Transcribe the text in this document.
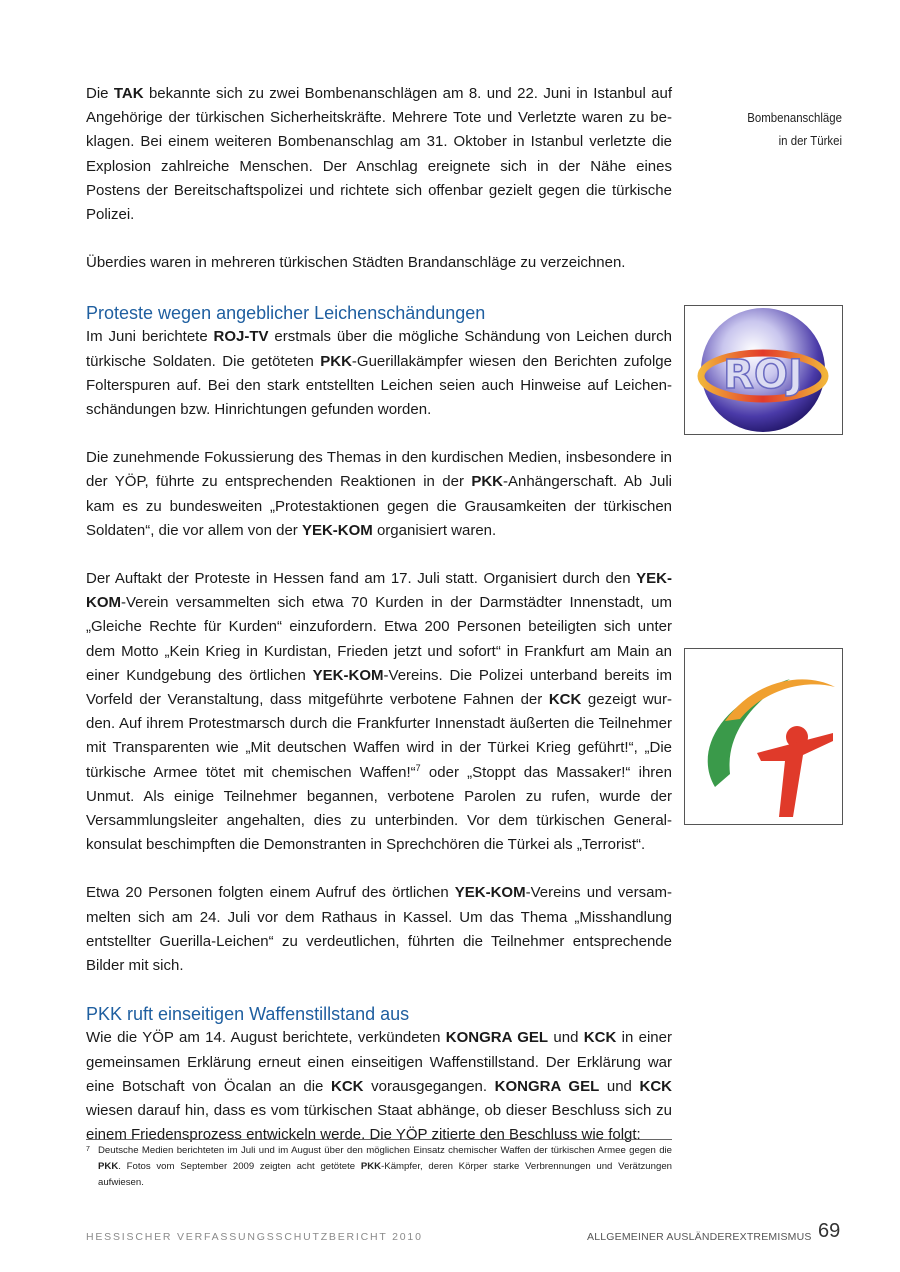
Die TAK bekannte sich zu zwei Bombenanschlägen am 8. und 22. Juni in Istanbul auf Angehörige der türkischen Sicherheitskräfte. Mehrere Tote und Verletzte waren zu beklagen. Bei einem weiteren Bombenanschlag am 31. Oktober in Istanbul verletzte die Explosion zahlreiche Menschen. Der Anschlag ereignete sich in der Nähe eines Postens der Bereitschaftspolizei und richtete sich offenbar gezielt gegen die türkische Polizei.

Überdies waren in mehreren türkischen Städten Brandanschläge zu verzeichnen.

Proteste wegen angeblicher Leichenschändungen

Im Juni berichtete ROJ-TV erstmals über die mögliche Schändung von Leichen durch türkische Soldaten. Die getöteten PKK-Guerillakämpfer wiesen den Berichten zufolge Folterspuren auf. Bei den stark entstellten Leichen seien auch Hinweise auf Leichenschändungen bzw. Hinrichtungen gefunden worden.

Die zunehmende Fokussierung des Themas in den kurdischen Medien, insbesondere in der YÖP, führte zu entsprechenden Reaktionen in der PKK-Anhängerschaft. Ab Juli kam es zu bundesweiten „Protestaktionen gegen die Grausamkeiten der türkischen Soldaten“, die vor allem von der YEK-KOM organisiert waren.

Der Auftakt der Proteste in Hessen fand am 17. Juli statt. Organisiert durch den YEK-KOM-Verein versammelten sich etwa 70 Kurden in der Darmstädter Innenstadt, um „Gleiche Rechte für Kurden“ einzufordern. Etwa 200 Personen beteiligten sich unter dem Motto „Kein Krieg in Kurdistan, Frieden jetzt und sofort“ in Frankfurt am Main an einer Kundgebung des örtlichen YEK-KOM-Vereins. Die Polizei unterband bereits im Vorfeld der Veranstaltung, dass mitgeführte verbotene Fahnen der KCK gezeigt wurden. Auf ihrem Protestmarsch durch die Frankfurter Innenstadt äußerten die Teilnehmer mit Transparenten wie „Mit deutschen Waffen wird in der Türkei Krieg geführt!“, „Die türkische Armee tötet mit chemischen Waffen!“$^7$ oder „Stoppt das Massaker!“ ihren Unmut. Als einige Teilnehmer begannen, verbotene Parolen zu rufen, wurde der Versammlungsleiter angehalten, dies zu unterbinden. Vor dem türkischen Generalkonsulat beschimpften die Demonstranten in Sprechchören die Türkei als „Terrorist“.

Etwa 20 Personen folgten einem Aufruf des örtlichen YEK-KOM-Vereins und versammelten sich am 24. Juli vor dem Rathaus in Kassel. Um das Thema „Misshandlung entstellter Guerilla-Leichen“ zu verdeutlichen, führten die Teilnehmer entsprechende Bilder mit sich.

PKK ruft einseitigen Waffenstillstand aus

Wie die YÖP am 14. August berichtete, verkündeten KONGRA GEL und KCK in einer gemeinsamen Erklärung erneut einen einseitigen Waffenstillstand. Der Erklärung war eine Botschaft von Öcalan an die KCK vorausgegangen. KONGRA GEL und KCK wiesen darauf hin, dass es vom türkischen Staat abhänge, ob dieser Beschluss sich zu einem Friedensprozess entwickeln werde. Die YÖP zitierte den Beschluss wie folgt:

Bombenanschläge
in der Türkei
ROJ
7 Deutsche Medien berichteten im Juli und im August über den möglichen Einsatz chemischer Waffen der türkischen Armee gegen die PKK. Fotos vom September 2009 zeigten acht getötete PKK-Kämpfer, deren Körper starke Verbrennungen und Verätzungen aufwiesen.
HESSISCHER VERFASSUNGSSCHUTZBERICHT 2010	ALLGEMEINER AUSLÄNDEREXTREMISMUS 69
